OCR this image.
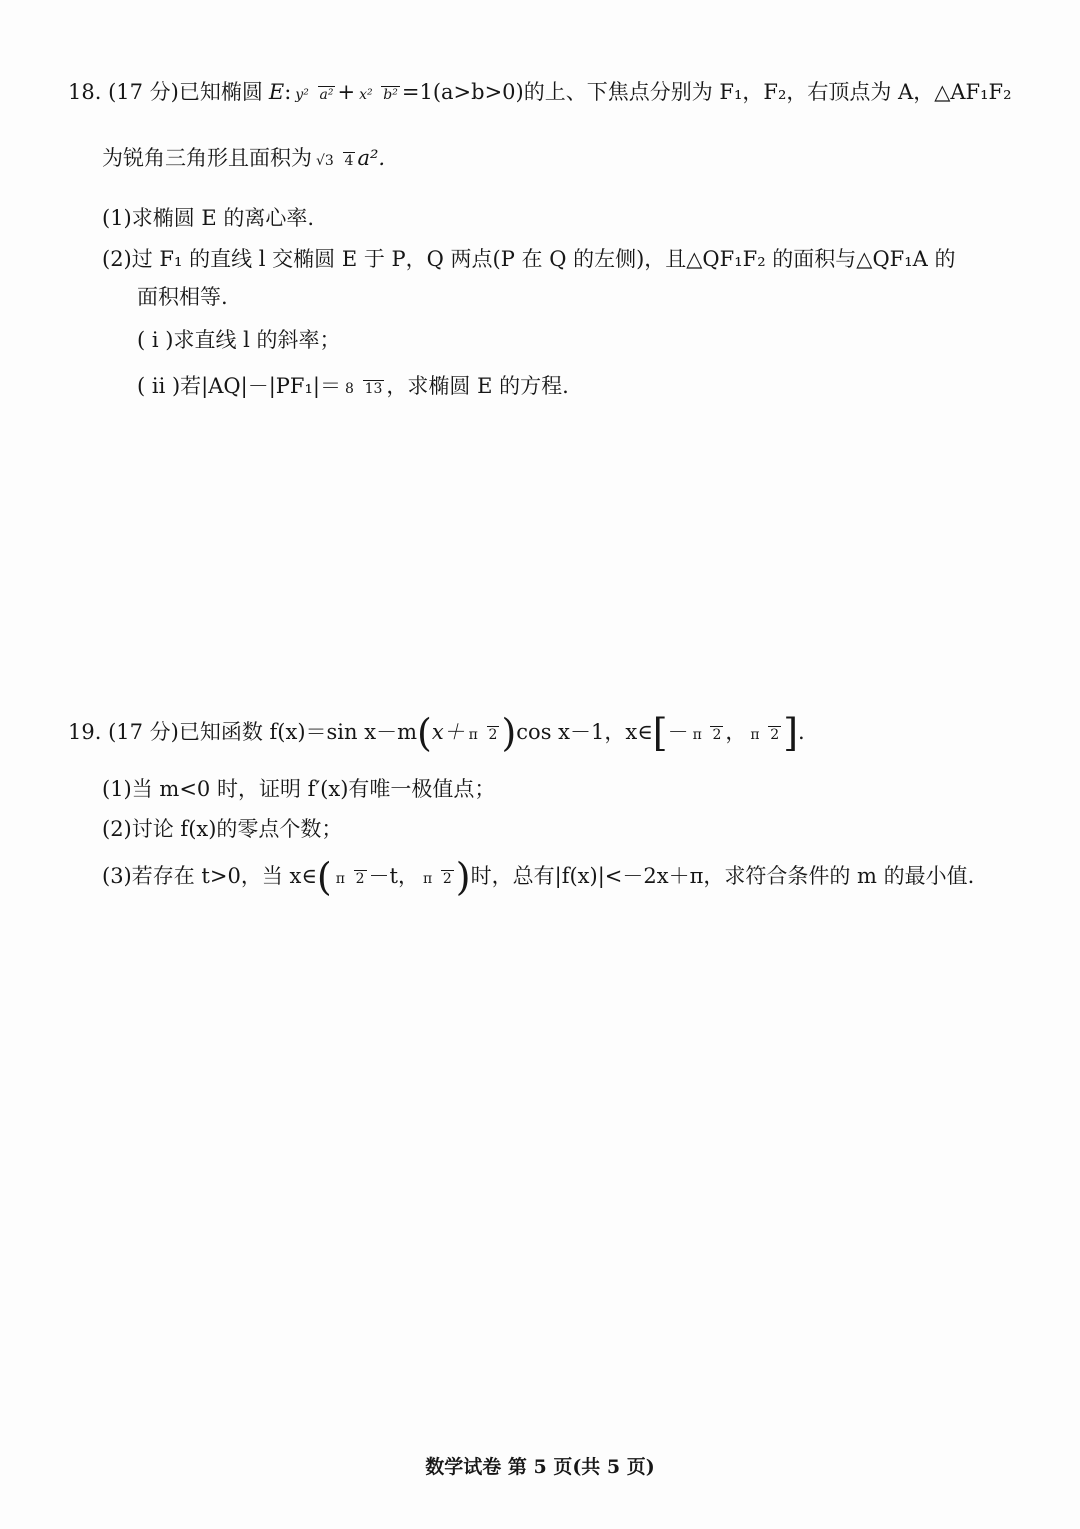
18. (17 分)已知椭圆 E : y² a² + x² b² =1(a>b>0) 的上、下焦点分别为 F₁，F₂，右顶点为 A，△AF₁F₂
为锐角三角形且面积为 √3 4 a².
(1)求椭圆 E 的离心率.
(2)过 F₁ 的直线 l 交椭圆 E 于 P，Q 两点(P 在 Q 的左侧)，且△QF₁F₂ 的面积与△QF₁A 的
面积相等.
( i )求直线 l 的斜率；
( ii )若|AQ|－|PF₁|＝ 8 13 ，求椭圆 E 的方程.
19. (17 分)已知函数 f(x)＝sin x－m ( x＋ π 2 ) cos x－1，x∈ [ － π 2 ， π 2 ] .
(1)当 m<0 时，证明 f′(x)有唯一极值点；
(2)讨论 f(x)的零点个数；
(3)若存在 t>0，当 x∈ ( π 2 －t， π 2 ) 时，总有|f(x)|<－2x＋π，求符合条件的 m 的最小值.
数学试卷 第 5 页(共 5 页)
